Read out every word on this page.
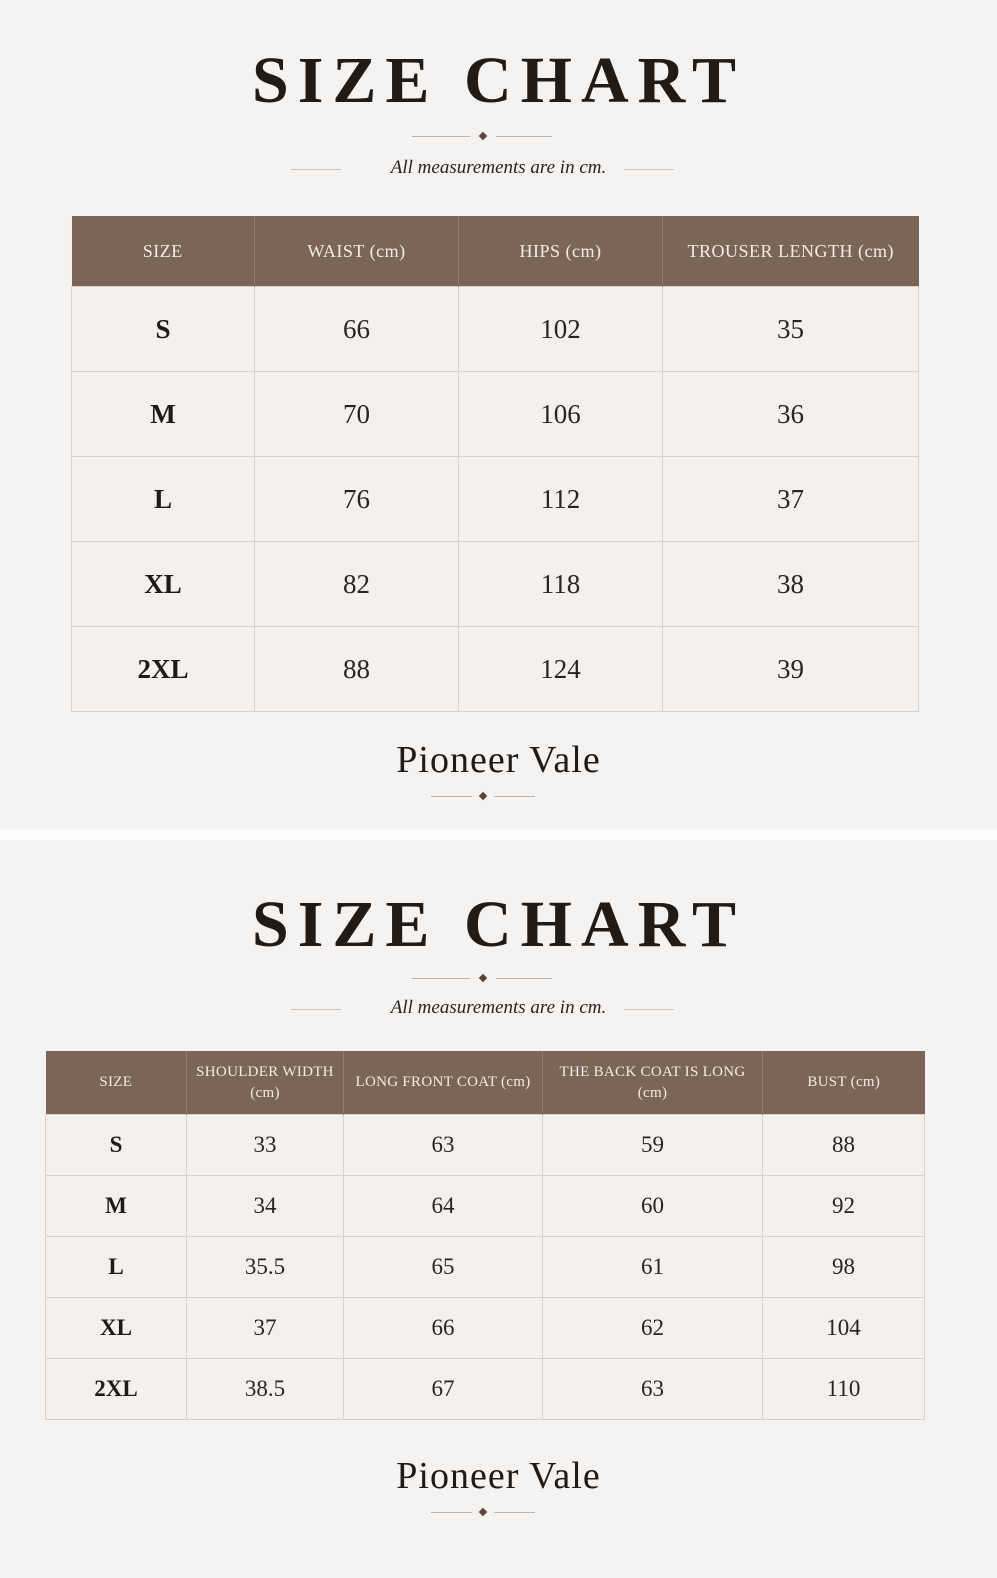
SIZE CHART
All measurements are in cm.
SIZE	WAIST (cm)	HIPS (cm)	TROUSER LENGTH (cm)
S	66	102	35
M	70	106	36
L	76	112	37
XL	82	118	38
2XL	88	124	39
Pioneer Vale
SIZE CHART
All measurements are in cm.
SIZE	SHOULDER WIDTH (cm)	LONG FRONT COAT (cm)	THE BACK COAT IS LONG (cm)	BUST (cm)
S	33	63	59	88
M	34	64	60	92
L	35.5	65	61	98
XL	37	66	62	104
2XL	38.5	67	63	110
Pioneer Vale
